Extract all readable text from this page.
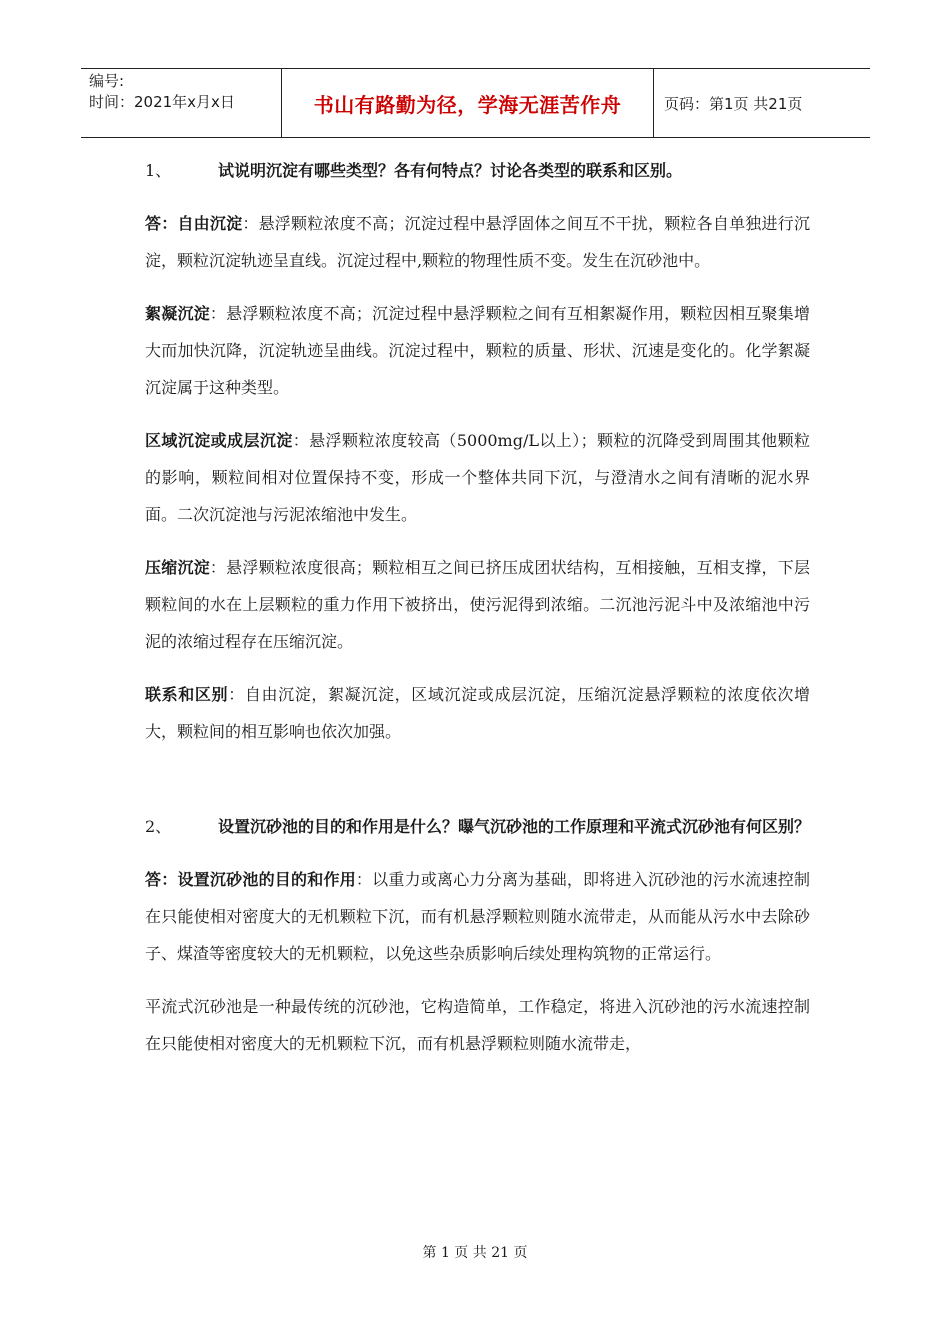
编号:
时间：2021年x月x日	书山有路勤为径，学海无涯苦作舟	页码：第1页 共21页

1、	试说明沉淀有哪些类型？各有何特点？讨论各类型的联系和区别。

答：自由沉淀：悬浮颗粒浓度不高；沉淀过程中悬浮固体之间互不干扰，颗粒各自单独进行沉淀，颗粒沉淀轨迹呈直线。沉淀过程中,颗粒的物理性质不变。发生在沉砂池中。

絮凝沉淀：悬浮颗粒浓度不高；沉淀过程中悬浮颗粒之间有互相絮凝作用，颗粒因相互聚集增大而加快沉降，沉淀轨迹呈曲线。沉淀过程中，颗粒的质量、形状、沉速是变化的。化学絮凝沉淀属于这种类型。

区域沉淀或成层沉淀：悬浮颗粒浓度较高（5000mg/L以上）；颗粒的沉降受到周围其他颗粒的影响，颗粒间相对位置保持不变，形成一个整体共同下沉，与澄清水之间有清晰的泥水界面。二次沉淀池与污泥浓缩池中发生。

压缩沉淀：悬浮颗粒浓度很高；颗粒相互之间已挤压成团状结构，互相接触，互相支撑，下层颗粒间的水在上层颗粒的重力作用下被挤出，使污泥得到浓缩。二沉池污泥斗中及浓缩池中污泥的浓缩过程存在压缩沉淀。

联系和区别：自由沉淀，絮凝沉淀，区域沉淀或成层沉淀，压缩沉淀悬浮颗粒的浓度依次增大，颗粒间的相互影响也依次加强。

2、	设置沉砂池的目的和作用是什么？曝气沉砂池的工作原理和平流式沉砂池有何区别？

答：设置沉砂池的目的和作用：以重力或离心力分离为基础，即将进入沉砂池的污水流速控制在只能使相对密度大的无机颗粒下沉，而有机悬浮颗粒则随水流带走，从而能从污水中去除砂子、煤渣等密度较大的无机颗粒，以免这些杂质影响后续处理构筑物的正常运行。

平流式沉砂池是一种最传统的沉砂池，它构造简单，工作稳定，将进入沉砂池的污水流速控制在只能使相对密度大的无机颗粒下沉，而有机悬浮颗粒则随水流带走，

第 1 页 共 21 页
